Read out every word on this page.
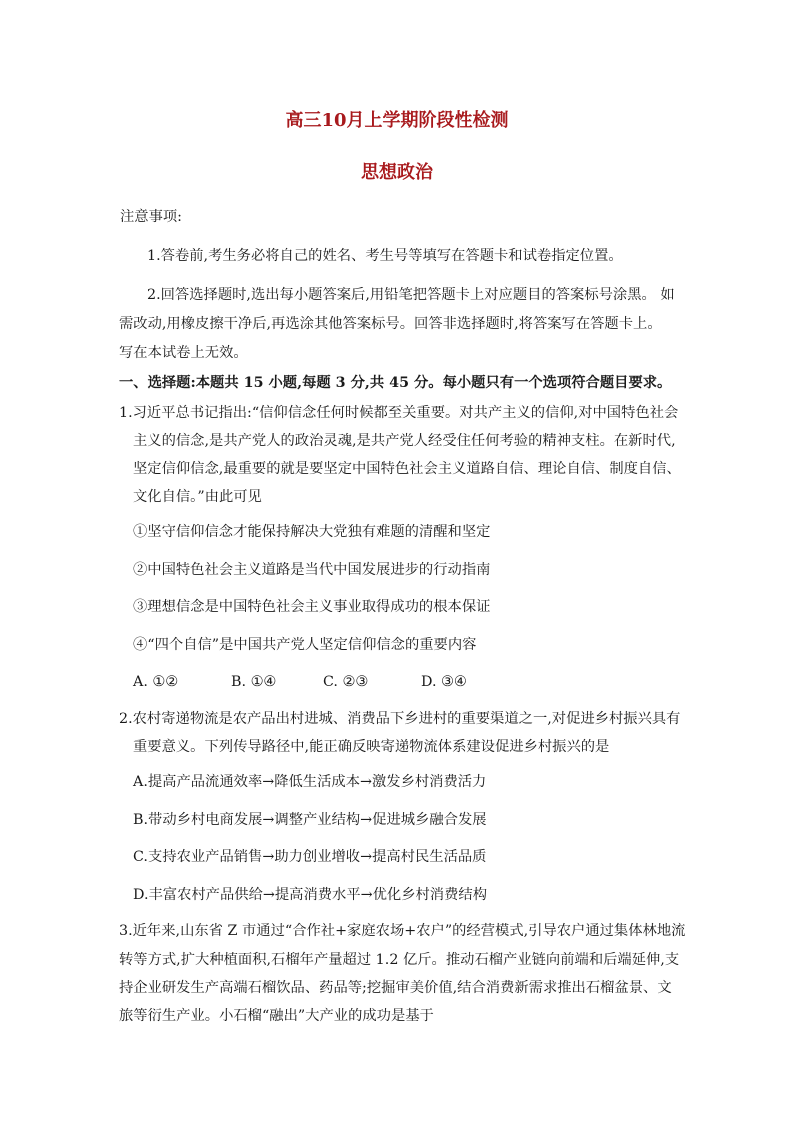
高三10月上学期阶段性检测
思想政治
注意事项:
1.答卷前,考生务必将自己的姓名、考生号等填写在答题卡和试卷指定位置。
2.回答选择题时,选出每小题答案后,用铅笔把答题卡上对应题目的答案标号涂黑。 如
需改动,用橡皮擦干净后,再选涂其他答案标号。回答非选择题时,将答案写在答题卡上。
写在本试卷上无效。
一、选择题:本题共 15 小题,每题 3 分,共 45 分。每小题只有一个选项符合题目要求。
1.习近平总书记指出:“信仰信念任何时候都至关重要。对共产主义的信仰,对中国特色社会
主义的信念,是共产党人的政治灵魂,是共产党人经受住任何考验的精神支柱。在新时代,
坚定信仰信念,最重要的就是要坚定中国特色社会主义道路自信、理论自信、制度自信、
文化自信。”由此可见
①坚守信仰信念才能保持解决大党独有难题的清醒和坚定
②中国特色社会主义道路是当代中国发展进步的行动指南
③理想信念是中国特色社会主义事业取得成功的根本保证
④“四个自信”是中国共产党人坚定信仰信念的重要内容
A. ①②	B. ①④	C. ②③	D. ③④
2.农村寄递物流是农产品出村进城、消费品下乡进村的重要渠道之一,对促进乡村振兴具有
重要意义。下列传导路径中,能正确反映寄递物流体系建设促进乡村振兴的是
A.提高产品流通效率→降低生活成本→激发乡村消费活力
B.带动乡村电商发展→调整产业结构→促进城乡融合发展
C.支持农业产品销售→助力创业增收→提高村民生活品质
D.丰富农村产品供给→提高消费水平→优化乡村消费结构
3.近年来,山东省 Z 市通过“合作社+家庭农场+农户”的经营模式,引导农户通过集体林地流
转等方式,扩大种植面积,石榴年产量超过 1.2 亿斤。推动石榴产业链向前端和后端延伸,支
持企业研发生产高端石榴饮品、药品等;挖掘审美价值,结合消费新需求推出石榴盆景、文
旅等衍生产业。小石榴“融出”大产业的成功是基于
